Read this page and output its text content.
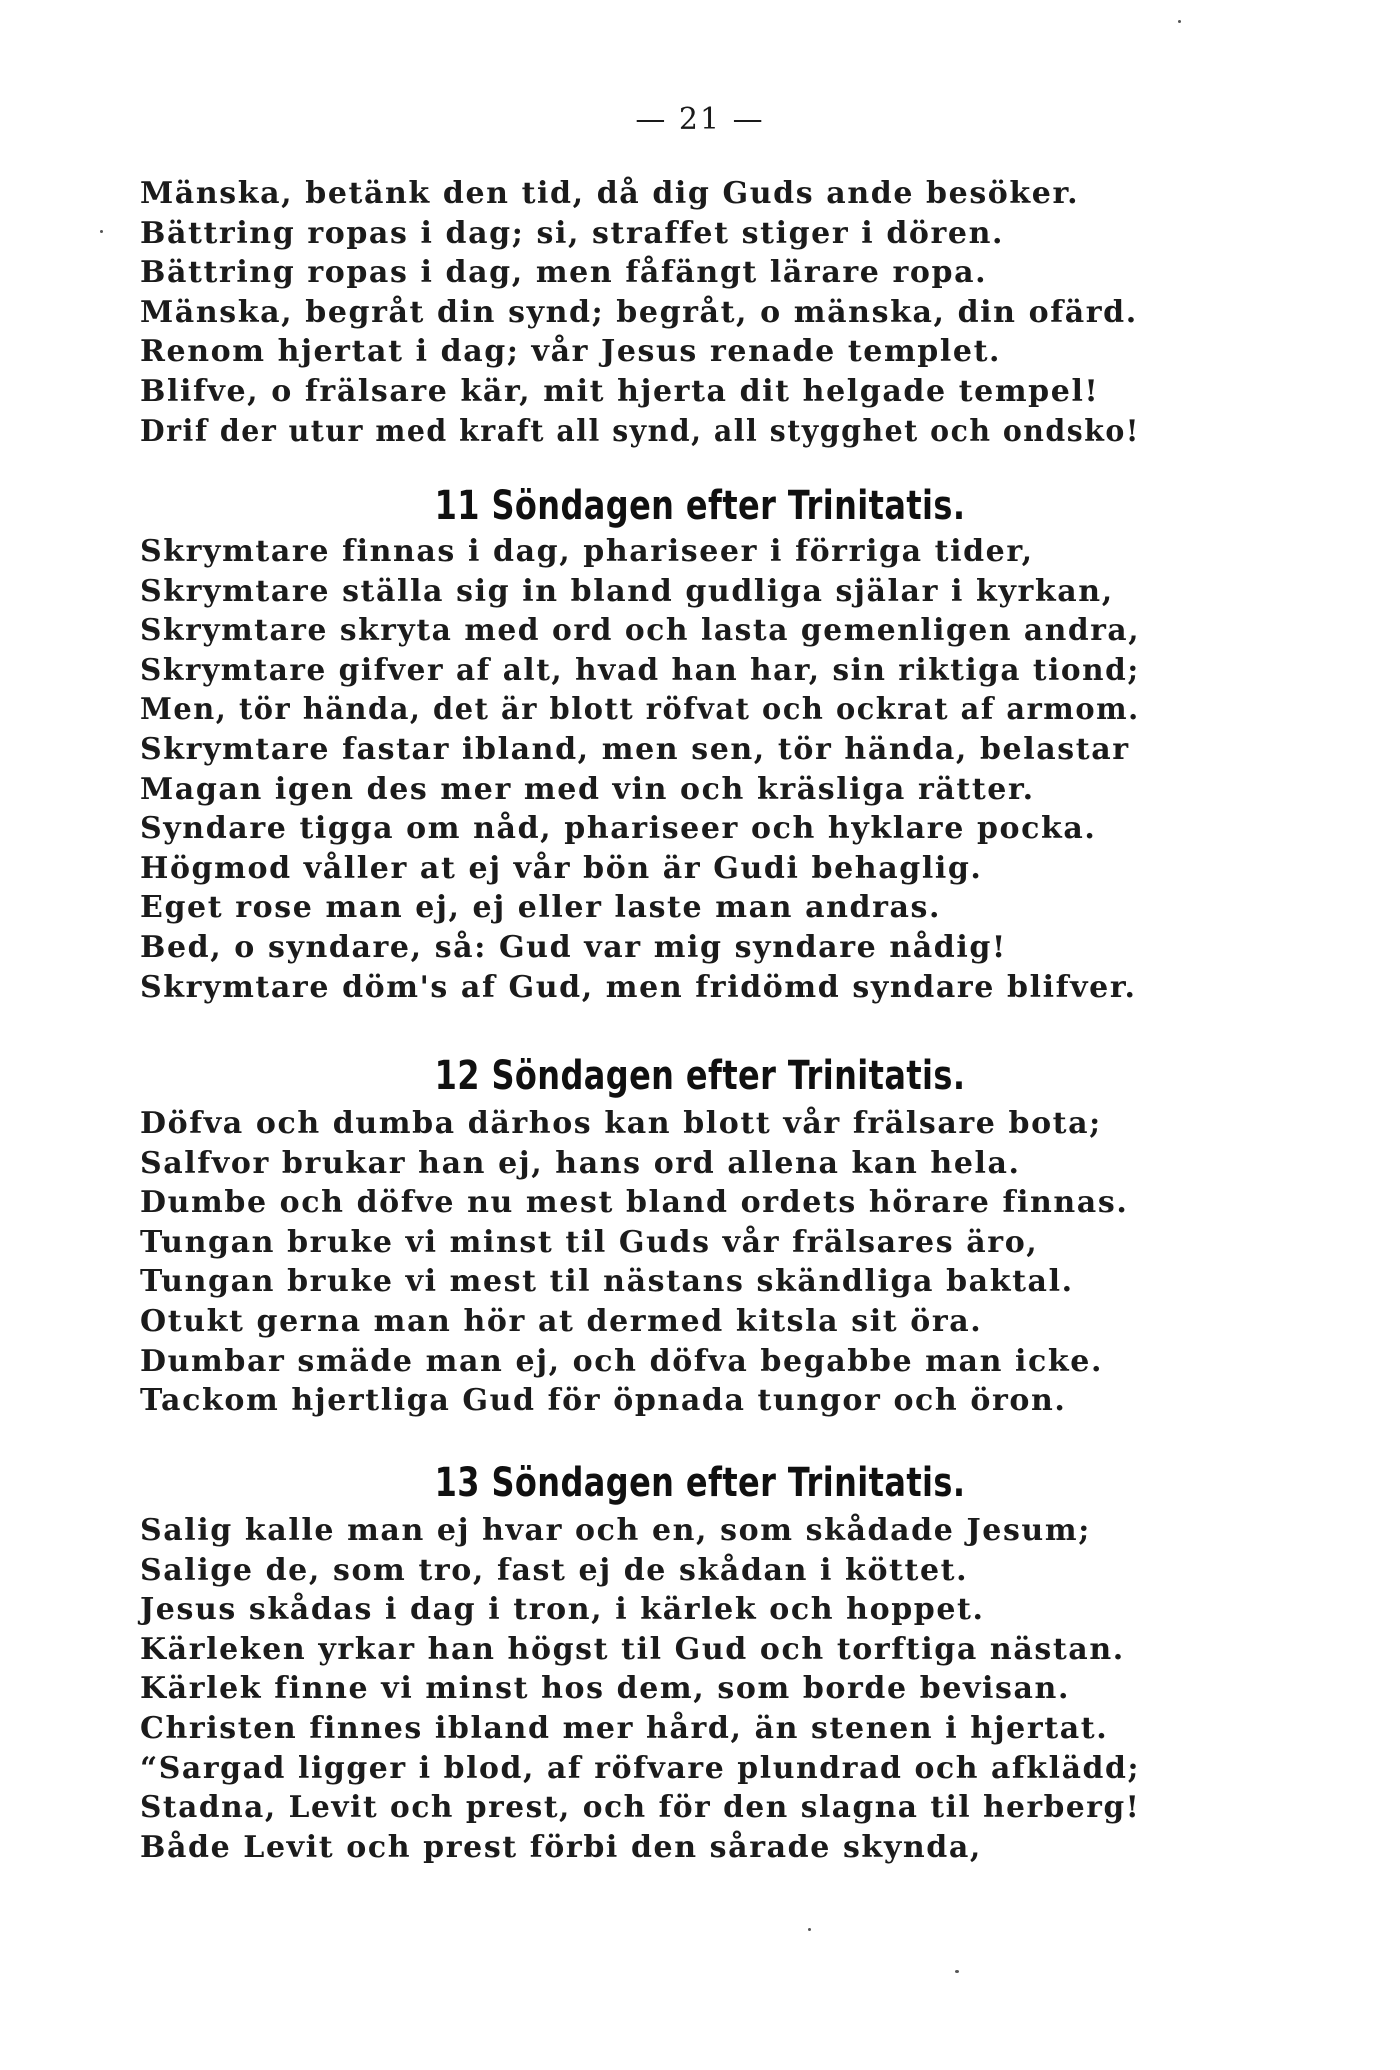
— 21 —
Mänska, betänk den tid, då dig Guds ande besöker.
Bättring ropas i dag; si, straffet stiger i dören.
Bättring ropas i dag, men fåfängt lärare ropa.
Mänska, begråt din synd; begråt, o mänska, din ofärd.
Renom hjertat i dag; vår Jesus renade templet.
Blifve, o frälsare kär, mit hjerta dit helgade tempel!
Drif der utur med kraft all synd, all stygghet och ondsko!
11 Söndagen efter Trinitatis.
Skrymtare finnas i dag, phariseer i förriga tider,
Skrymtare ställa sig in bland gudliga själar i kyrkan,
Skrymtare skryta med ord och lasta gemenligen andra,
Skrymtare gifver af alt, hvad han har, sin riktiga tiond;
Men, tör hända, det är blott röfvat och ockrat af armom.
Skrymtare fastar ibland, men sen, tör hända, belastar
Magan igen des mer med vin och kräsliga rätter.
Syndare tigga om nåd, phariseer och hyklare pocka.
Högmod våller at ej vår bön är Gudi behaglig.
Eget rose man ej, ej eller laste man andras.
Bed, o syndare, så: Gud var mig syndare nådig!
Skrymtare döm's af Gud, men fridömd syndare blifver.
12 Söndagen efter Trinitatis.
Döfva och dumba därhos kan blott vår frälsare bota;
Salfvor brukar han ej, hans ord allena kan hela.
Dumbe och döfve nu mest bland ordets hörare finnas.
Tungan bruke vi minst til Guds vår frälsares äro,
Tungan bruke vi mest til nästans skändliga baktal.
Otukt gerna man hör at dermed kitsla sit öra.
Dumbar smäde man ej, och döfva begabbe man icke.
Tackom hjertliga Gud för öpnada tungor och öron.
13 Söndagen efter Trinitatis.
Salig kalle man ej hvar och en, som skådade Jesum;
Salige de, som tro, fast ej de skådan i köttet.
Jesus skådas i dag i tron, i kärlek och hoppet.
Kärleken yrkar han högst til Gud och torftiga nästan.
Kärlek finne vi minst hos dem, som borde bevisan.
Christen finnes ibland mer hård, än stenen i hjertat.
“Sargad ligger i blod, af röfvare plundrad och afklädd;
Stadna, Levit och prest, och för den slagna til herberg!
Både Levit och prest förbi den sårade skynda,
